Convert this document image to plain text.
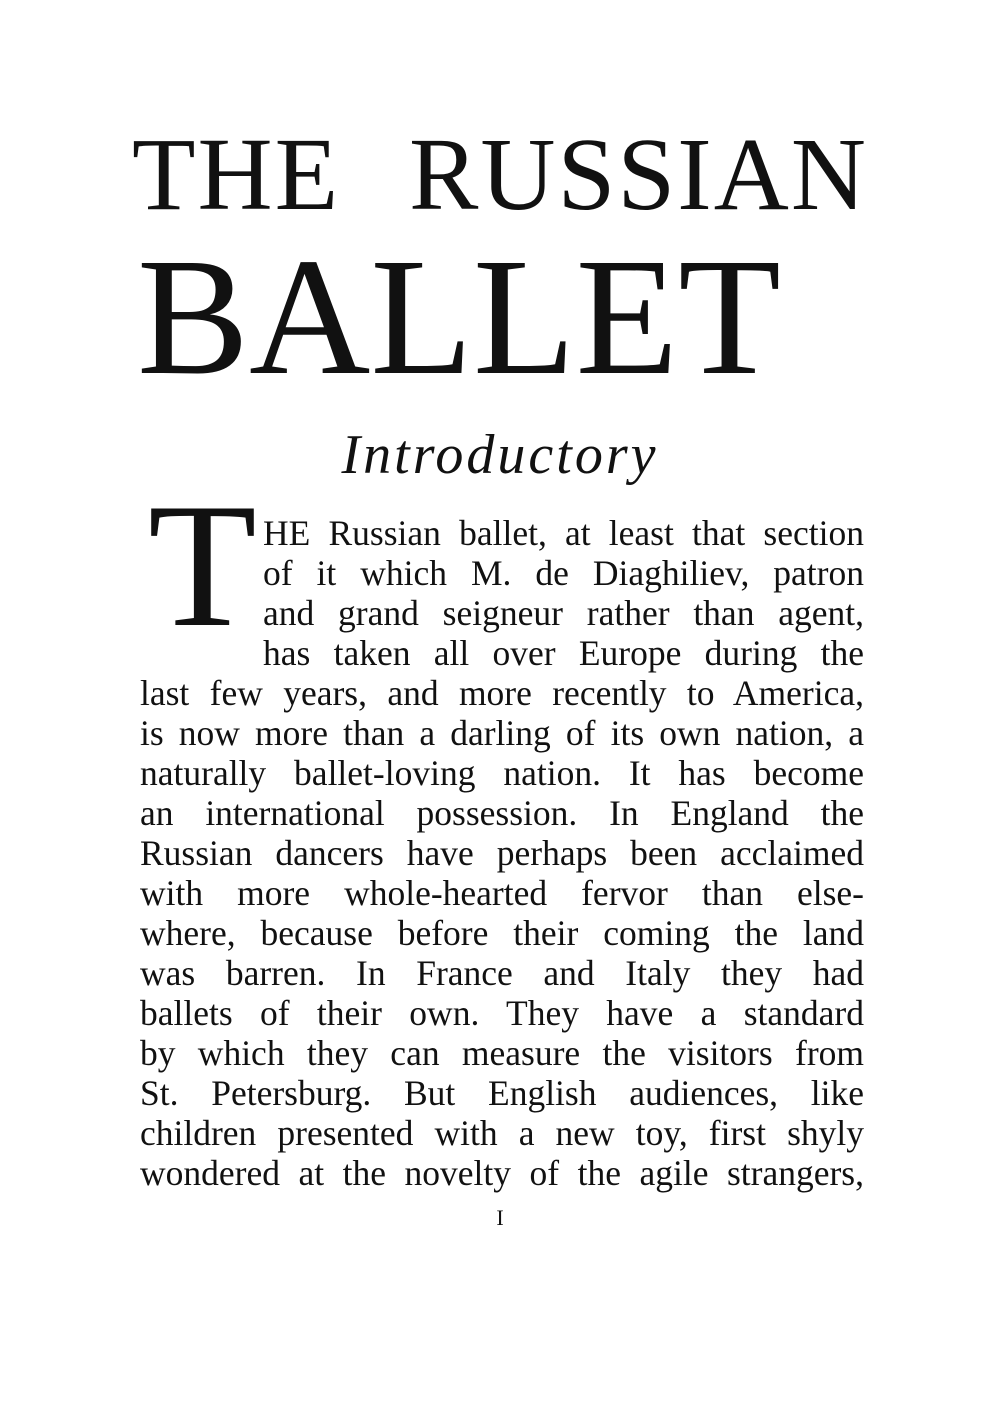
THE RUSSIAN
BALLET
Introductory
T HE Russian ballet, at least that section
of it which M. de Diaghiliev, patron
and grand seigneur rather than agent,
has taken all over Europe during the
last few years, and more recently to America,
is now more than a darling of its own nation, a
naturally ballet-loving nation. It has become
an international possession. In England the
Russian dancers have perhaps been acclaimed
with more whole-hearted fervor than else-
where, because before their coming the land
was barren. In France and Italy they had
ballets of their own. They have a standard
by which they can measure the visitors from
St. Petersburg. But English audiences, like
children presented with a new toy, first shyly
wondered at the novelty of the agile strangers,
I
